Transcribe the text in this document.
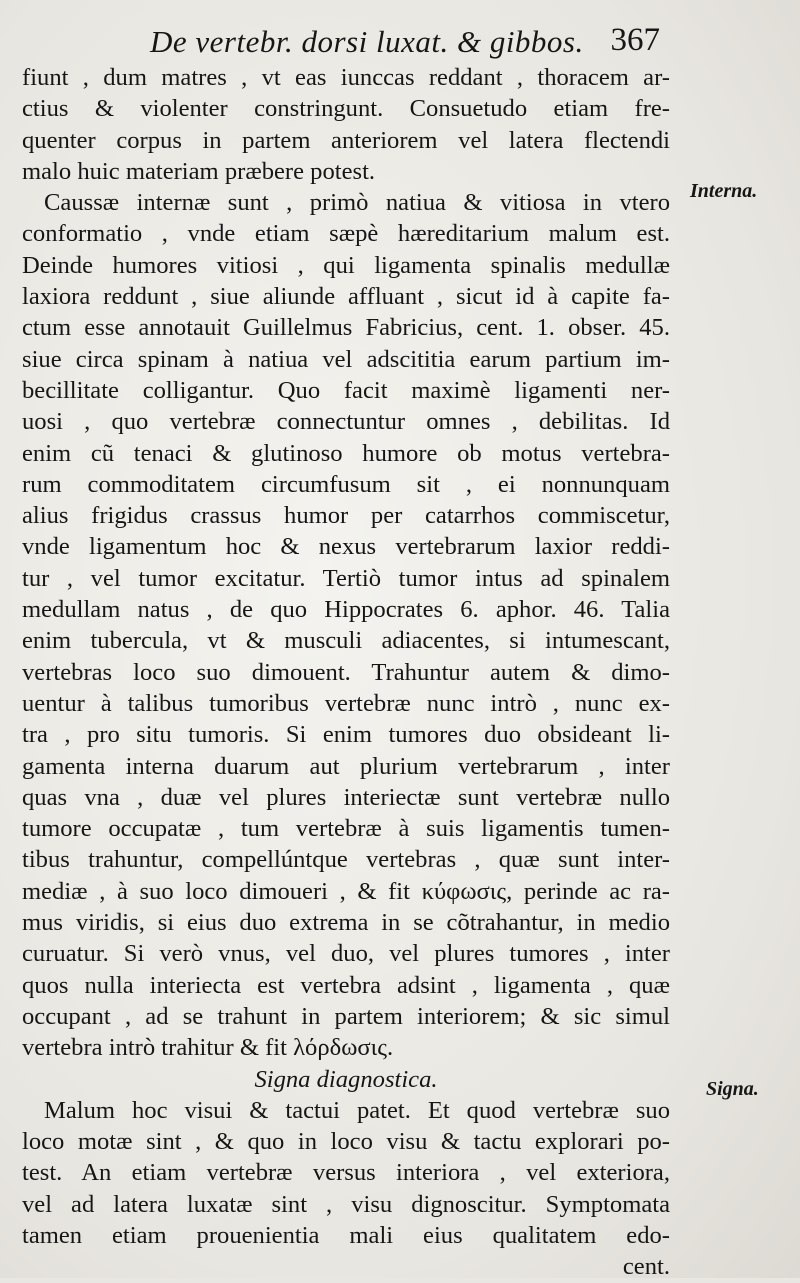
De vertebr. dorsi luxat. & gibbos. 367
Interna.
Signa.
fiunt , dum matres , vt eas iunccas reddant , thoracem ar-
ctius & violenter constringunt. Consuetudo etiam fre-
quenter corpus in partem anteriorem vel latera flectendi
malo huic materiam præbere potest.
Caussæ internæ sunt , primò natiua & vitiosa in vtero
conformatio , vnde etiam sæpè hæreditarium malum est.
Deinde humores vitiosi , qui ligamenta spinalis medullæ
laxiora reddunt , siue aliunde affluant , sicut id à capite fa-
ctum esse annotauit Guillelmus Fabricius, cent. 1. obser. 45.
siue circa spinam à natiua vel adscititia earum partium im-
becillitate colligantur. Quo facit maximè ligamenti ner-
uosi , quo vertebræ connectuntur omnes , debilitas. Id
enim cũ tenaci & glutinoso humore ob motus vertebra-
rum commoditatem circumfusum sit , ei nonnunquam
alius frigidus crassus humor per catarrhos commiscetur,
vnde ligamentum hoc & nexus vertebrarum laxior reddi-
tur , vel tumor excitatur. Tertiò tumor intus ad spinalem
medullam natus , de quo Hippocrates 6. aphor. 46. Talia
enim tubercula, vt & musculi adiacentes, si intumescant,
vertebras loco suo dimouent. Trahuntur autem & dimo-
uentur à talibus tumoribus vertebræ nunc intrò , nunc ex-
tra , pro situ tumoris. Si enim tumores duo obsideant li-
gamenta interna duarum aut plurium vertebrarum , inter
quas vna , duæ vel plures interiectæ sunt vertebræ nullo
tumore occupatæ , tum vertebræ à suis ligamentis tumen-
tibus trahuntur, compellúntque vertebras , quæ sunt inter-
mediæ , à suo loco dimoueri , & fit κύφωσις, perinde ac ra-
mus viridis, si eius duo extrema in se cõtrahantur, in medio
curuatur. Si verò vnus, vel duo, vel plures tumores , inter
quos nulla interiecta est vertebra adsint , ligamenta , quæ
occupant , ad se trahunt in partem interiorem; & sic simul
vertebra intrò trahitur & fit λόρδωσις.
Signa diagnostica.
Malum hoc visui & tactui patet. Et quod vertebræ suo
loco motæ sint , & quo in loco visu & tactu explorari po-
test. An etiam vertebræ versus interiora , vel exteriora,
vel ad latera luxatæ sint , visu dignoscitur. Symptomata
tamen etiam prouenientia mali eius qualitatem edo-
cent.
